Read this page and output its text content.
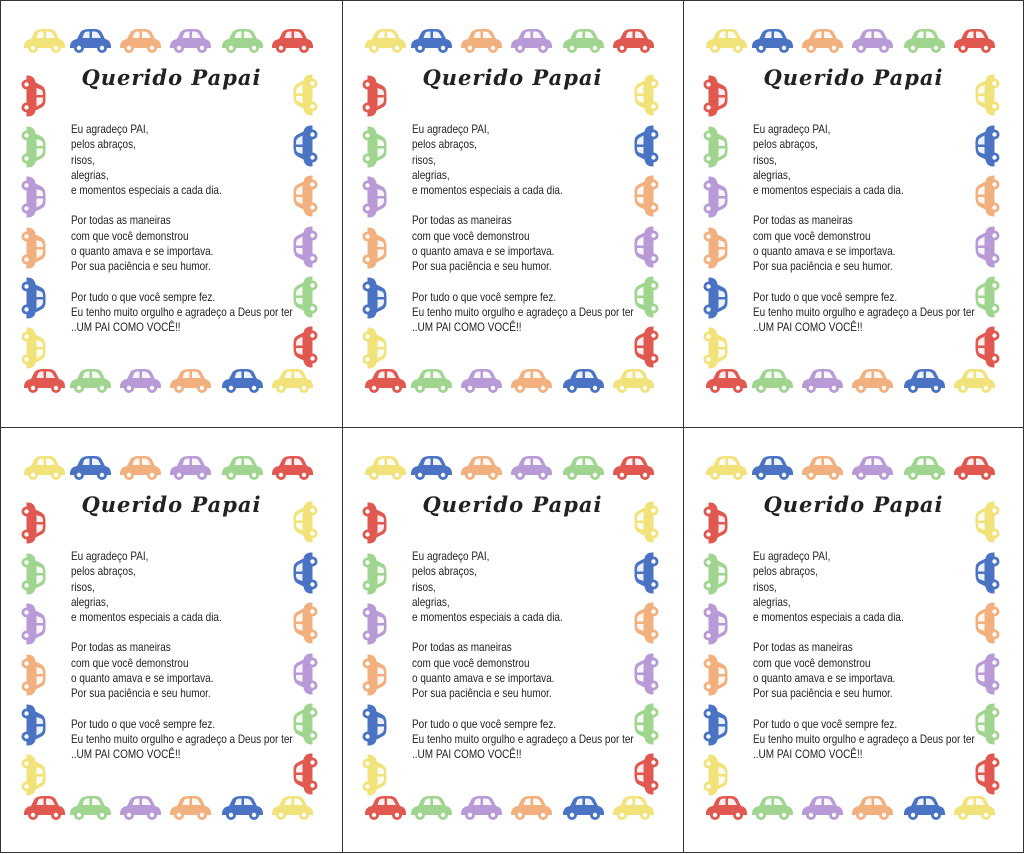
Querido Papai
Eu agradeço PAI,
pelos abraços,
risos,
alegrias,
e momentos especiais a cada dia.
Por todas as maneiras
com que você demonstrou
o quanto amava e se importava.
Por sua paciência e seu humor.
Por tudo o que você sempre fez.
Eu tenho muito orgulho e agradeço a Deus por ter
..UM PAI COMO VOCÊ!!
Querido Papai
Eu agradeço PAI,
pelos abraços,
risos,
alegrias,
e momentos especiais a cada dia.
Por todas as maneiras
com que você demonstrou
o quanto amava e se importava.
Por sua paciência e seu humor.
Por tudo o que você sempre fez.
Eu tenho muito orgulho e agradeço a Deus por ter
..UM PAI COMO VOCÊ!!
Querido Papai
Eu agradeço PAI,
pelos abraços,
risos,
alegrias,
e momentos especiais a cada dia.
Por todas as maneiras
com que você demonstrou
o quanto amava e se importava.
Por sua paciência e seu humor.
Por tudo o que você sempre fez.
Eu tenho muito orgulho e agradeço a Deus por ter
..UM PAI COMO VOCÊ!!
Querido Papai
Eu agradeço PAI,
pelos abraços,
risos,
alegrias,
e momentos especiais a cada dia.
Por todas as maneiras
com que você demonstrou
o quanto amava e se importava.
Por sua paciência e seu humor.
Por tudo o que você sempre fez.
Eu tenho muito orgulho e agradeço a Deus por ter
..UM PAI COMO VOCÊ!!
Querido Papai
Eu agradeço PAI,
pelos abraços,
risos,
alegrias,
e momentos especiais a cada dia.
Por todas as maneiras
com que você demonstrou
o quanto amava e se importava.
Por sua paciência e seu humor.
Por tudo o que você sempre fez.
Eu tenho muito orgulho e agradeço a Deus por ter
..UM PAI COMO VOCÊ!!
Querido Papai
Eu agradeço PAI,
pelos abraços,
risos,
alegrias,
e momentos especiais a cada dia.
Por todas as maneiras
com que você demonstrou
o quanto amava e se importava.
Por sua paciência e seu humor.
Por tudo o que você sempre fez.
Eu tenho muito orgulho e agradeço a Deus por ter
..UM PAI COMO VOCÊ!!
